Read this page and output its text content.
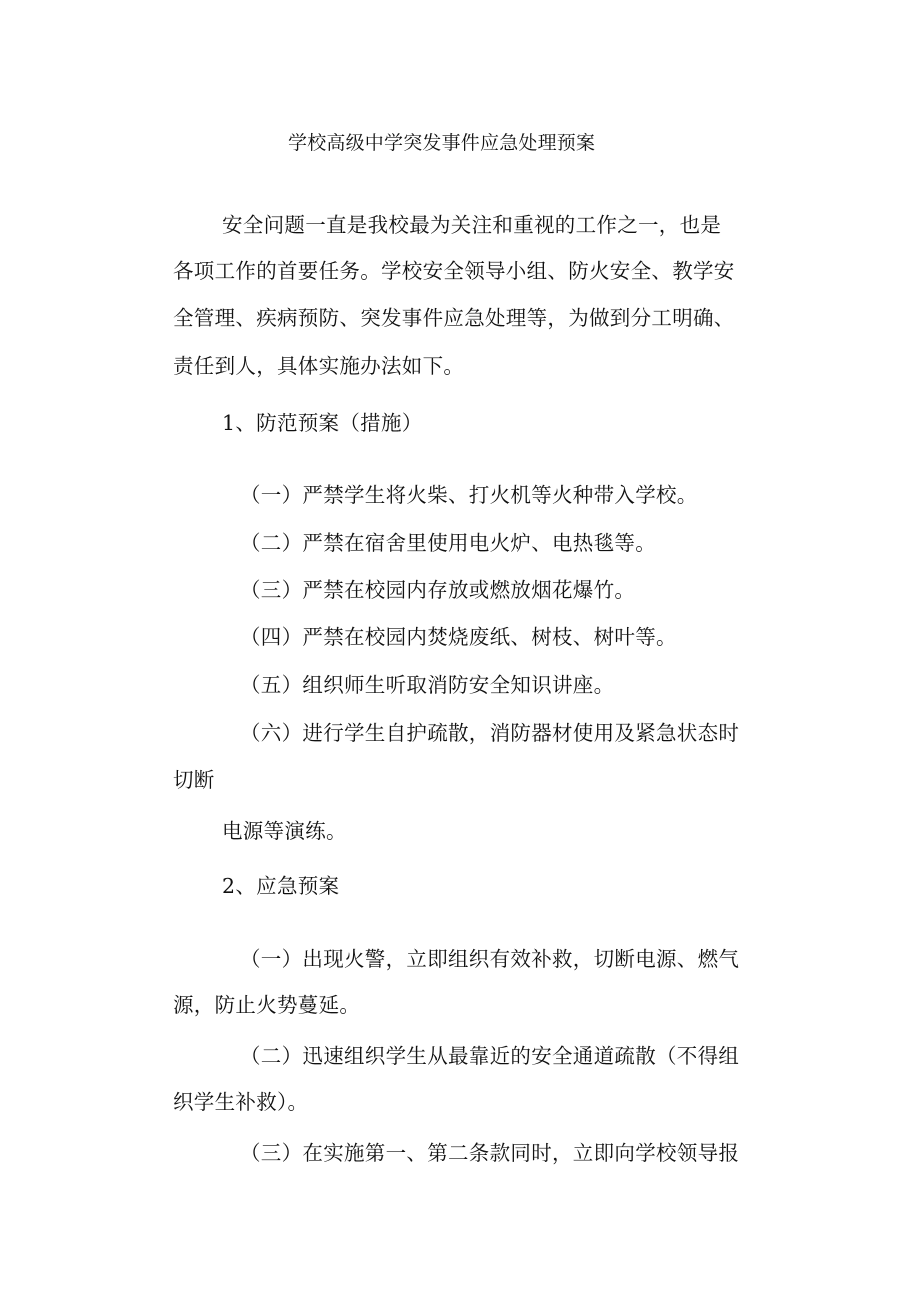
学校高级中学突发事件应急处理预案

安全问题一直是我校最为关注和重视的工作之一，也是

各项工作的首要任务。学校安全领导小组、防火安全、教学安

全管理、疾病预防、突发事件应急处理等，为做到分工明确、

责任到人，具体实施办法如下。

1、防范预案（措施）

（一）严禁学生将火柴、打火机等火种带入学校。

（二）严禁在宿舍里使用电火炉、电热毯等。

（三）严禁在校园内存放或燃放烟花爆竹。

（四）严禁在校园内焚烧废纸、树枝、树叶等。

（五）组织师生听取消防安全知识讲座。

（六）进行学生自护疏散，消防器材使用及紧急状态时

切断

电源等演练。

2、应急预案

（一）出现火警，立即组织有效补救，切断电源、燃气

源，防止火势蔓延。

（二）迅速组织学生从最靠近的安全通道疏散（不得组

织学生补救）。

（三）在实施第一、第二条款同时，立即向学校领导报
